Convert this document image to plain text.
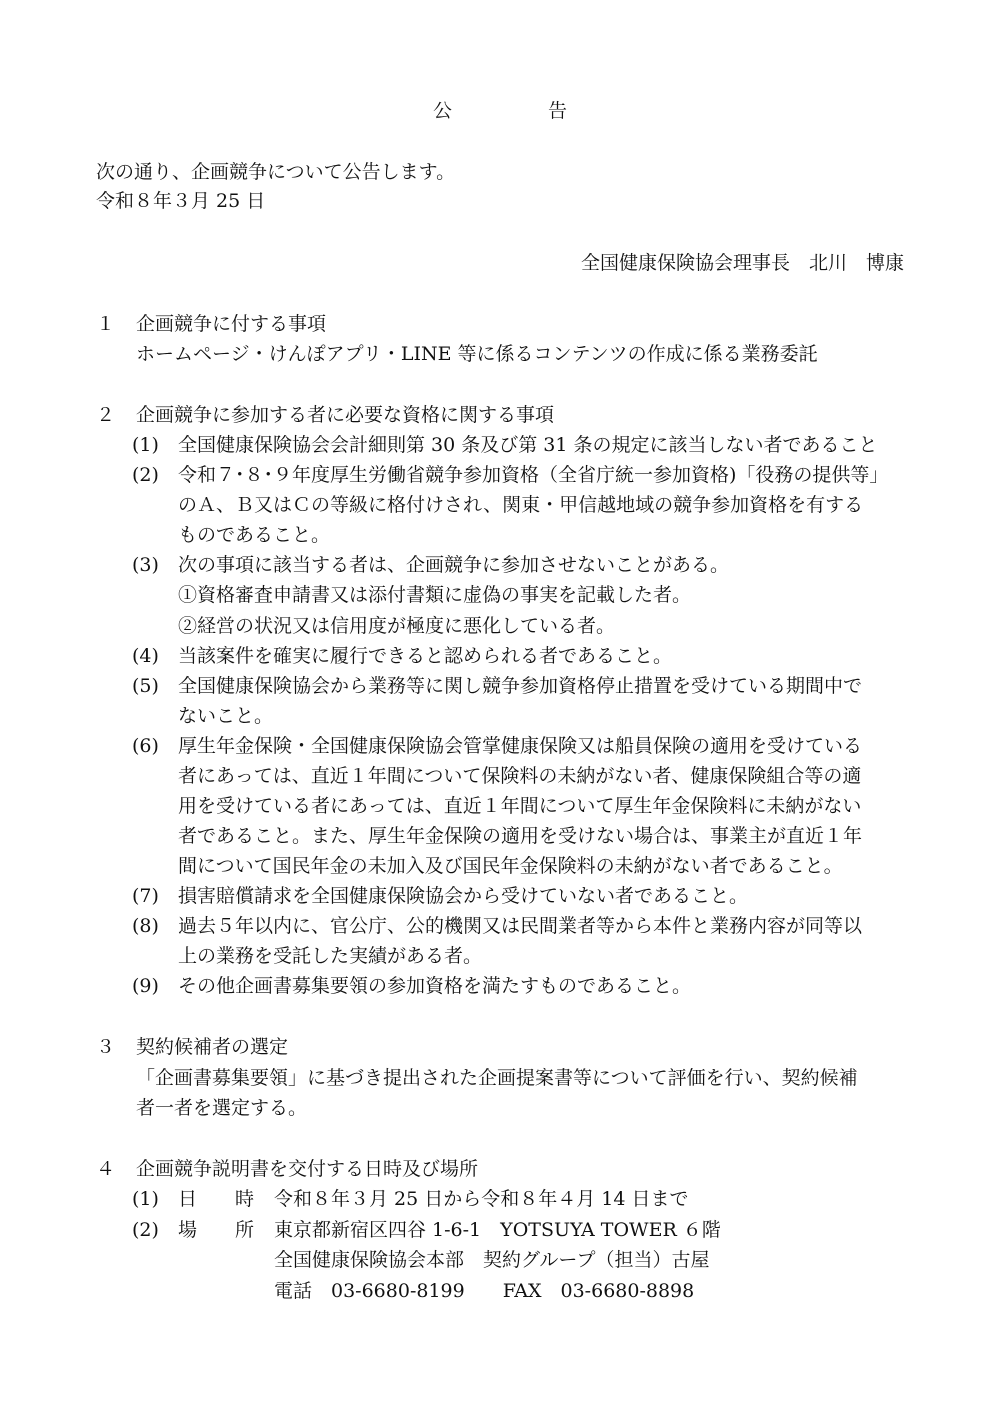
公	告
次の通り、企画競争について公告します。
令和８年３月 25 日
全国健康保険協会理事長　 北川　博康
１ 企画競争に付する事項
ホームページ・けんぽアプリ・LINE 等に係るコンテンツの作成に係る業務委託
２ 企画競争に参加する者に必要な資格に関する事項
(1) 全国健康保険協会会計細則第 30 条及び第 31 条の規定に該当しない者であること
(2) 令和７･８･９年度厚生労働省競争参加資格（全省庁統一参加資格)「役務の提供等」
のＡ、Ｂ又はＣの等級に格付けされ、関東・甲信越地域の競争参加資格を有する
ものであること。
(3) 次の事項に該当する者は、企画競争に参加させないことがある。
①資格審査申請書又は添付書類に虚偽の事実を記載した者。
②経営の状況又は信用度が極度に悪化している者。
(4) 当該案件を確実に履行できると認められる者であること。
(5) 全国健康保険協会から業務等に関し競争参加資格停止措置を受けている期間中で
ないこと。
(6) 厚生年金保険・全国健康保険協会管掌健康保険又は船員保険の適用を受けている
者にあっては、直近１年間について保険料の未納がない者、健康保険組合等の適
用を受けている者にあっては、直近１年間について厚生年金保険料に未納がない
者であること。また、厚生年金保険の適用を受けない場合は、事業主が直近１年
間について国民年金の未加入及び国民年金保険料の未納がない者であること。
(7) 損害賠償請求を全国健康保険協会から受けていない者であること。
(8) 過去５年以内に、官公庁、公的機関又は民間業者等から本件と業務内容が同等以
上の業務を受託した実績がある者。
(9) その他企画書募集要領の参加資格を満たすものであること。
３ 契約候補者の選定
「企画書募集要領」に基づき提出された企画提案書等について評価を行い、契約候補
者一者を選定する。
４ 企画競争説明書を交付する日時及び場所
(1) 日　　時 令和８年３月 25 日から令和８年４月 14 日まで
(2) 場　　所 東京都新宿区四谷 1-6-1　YOTSUYA TOWER ６階
全国健康保険協会本部　契約グループ（担当）古屋
電話　03-6680-8199　　FAX　03-6680-8898
